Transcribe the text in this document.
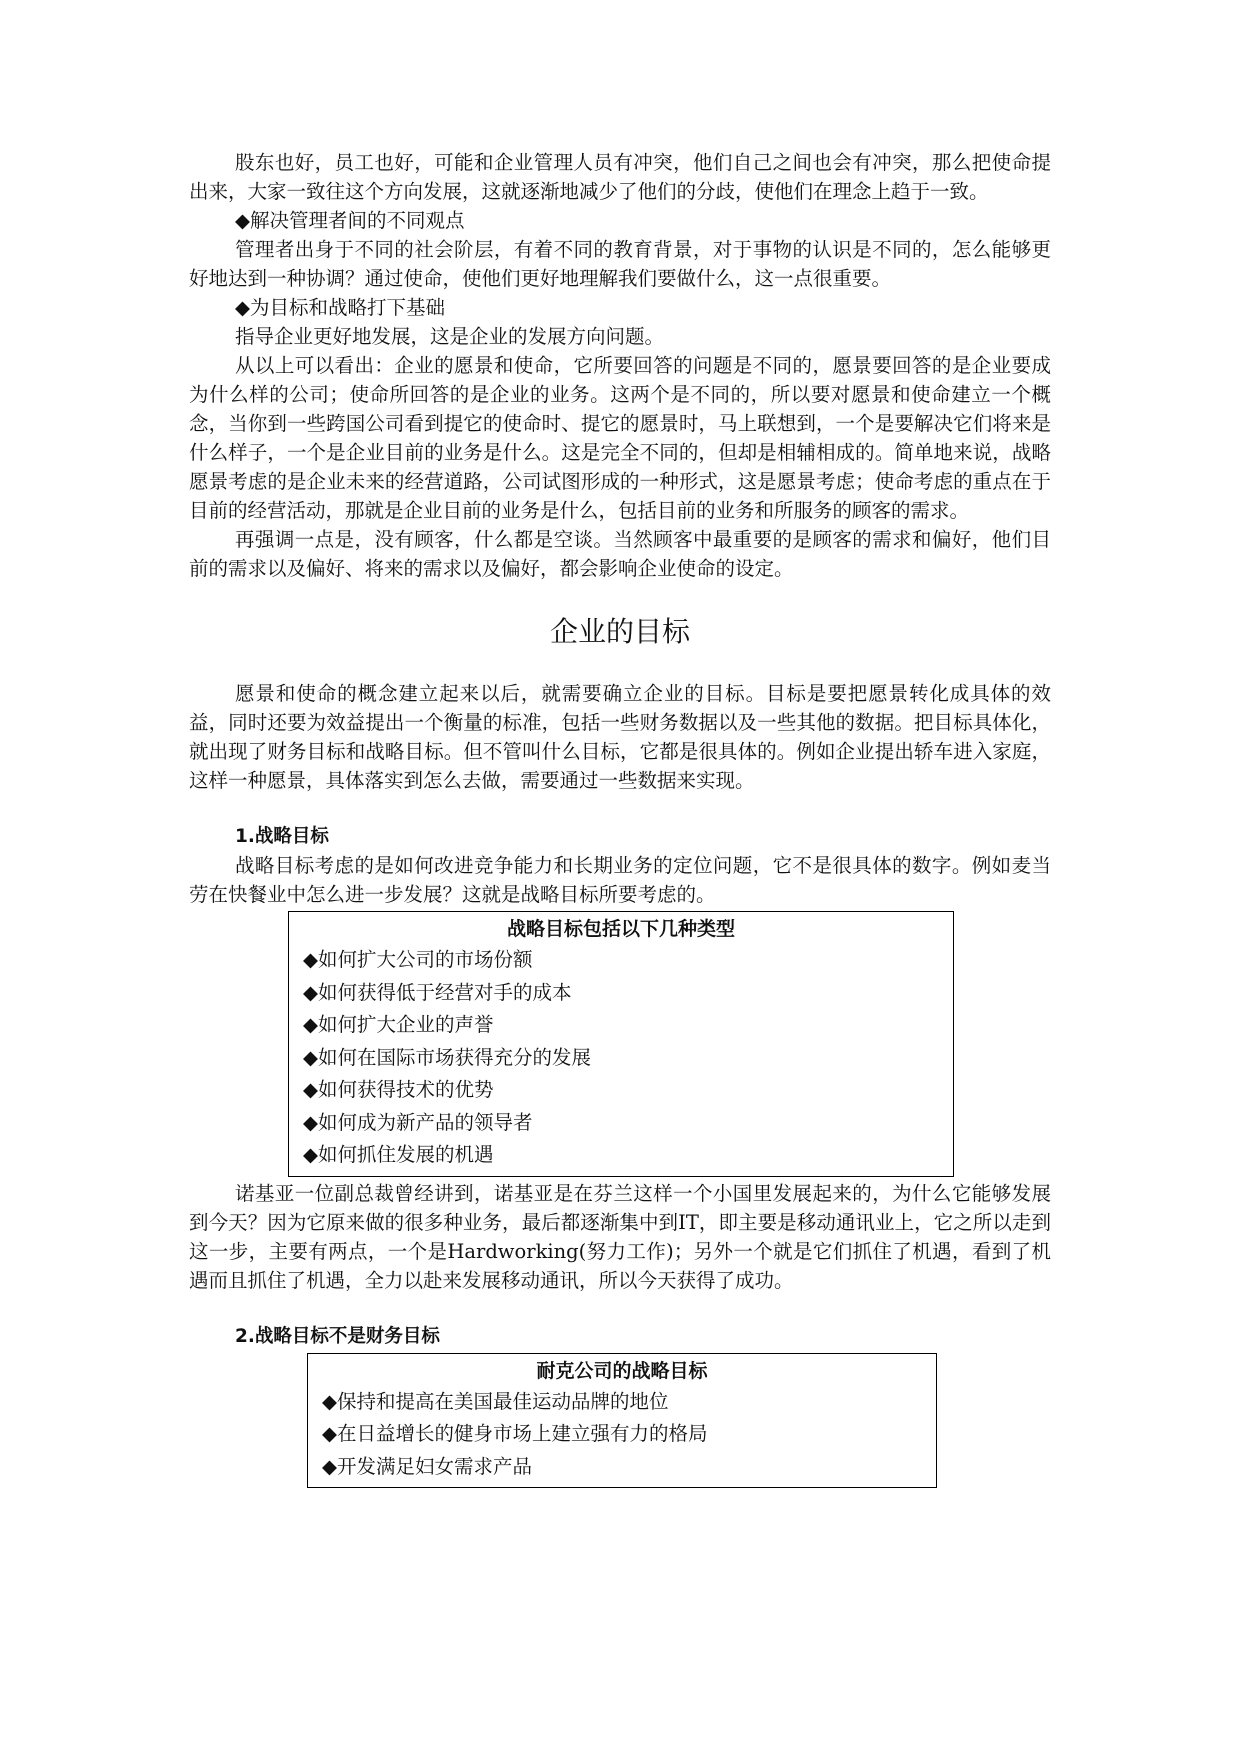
股东也好，员工也好，可能和企业管理人员有冲突，他们自己之间也会有冲突，那么把使命提出来，大家一致往这个方向发展，这就逐渐地减少了他们的分歧，使他们在理念上趋于一致。

◆解决管理者间的不同观点

管理者出身于不同的社会阶层，有着不同的教育背景，对于事物的认识是不同的，怎么能够更好地达到一种协调？通过使命，使他们更好地理解我们要做什么，这一点很重要。

◆为目标和战略打下基础

指导企业更好地发展，这是企业的发展方向问题。

从以上可以看出：企业的愿景和使命，它所要回答的问题是不同的，愿景要回答的是企业要成为什么样的公司；使命所回答的是企业的业务。这两个是不同的，所以要对愿景和使命建立一个概念，当你到一些跨国公司看到提它的使命时、提它的愿景时，马上联想到，一个是要解决它们将来是什么样子，一个是企业目前的业务是什么。这是完全不同的，但却是相辅相成的。简单地来说，战略愿景考虑的是企业未来的经营道路，公司试图形成的一种形式，这是愿景考虑；使命考虑的重点在于目前的经营活动，那就是企业目前的业务是什么，包括目前的业务和所服务的顾客的需求。

再强调一点是，没有顾客，什么都是空谈。当然顾客中最重要的是顾客的需求和偏好，他们目前的需求以及偏好、将来的需求以及偏好，都会影响企业使命的设定。

企业的目标

愿景和使命的概念建立起来以后，就需要确立企业的目标。目标是要把愿景转化成具体的效益，同时还要为效益提出一个衡量的标准，包括一些财务数据以及一些其他的数据。把目标具体化，就出现了财务目标和战略目标。但不管叫什么目标，它都是很具体的。例如企业提出轿车进入家庭，这样一种愿景，具体落实到怎么去做，需要通过一些数据来实现。

1.战略目标

战略目标考虑的是如何改进竞争能力和长期业务的定位问题，它不是很具体的数字。例如麦当劳在快餐业中怎么进一步发展？这就是战略目标所要考虑的。

战略目标包括以下几种类型

◆如何扩大公司的市场份额
◆如何获得低于经营对手的成本
◆如何扩大企业的声誉
◆如何在国际市场获得充分的发展
◆如何获得技术的优势
◆如何成为新产品的领导者
◆如何抓住发展的机遇

诺基亚一位副总裁曾经讲到，诺基亚是在芬兰这样一个小国里发展起来的，为什么它能够发展到今天？因为它原来做的很多种业务，最后都逐渐集中到IT，即主要是移动通讯业上，它之所以走到这一步，主要有两点，一个是Hardworking(努力工作)；另外一个就是它们抓住了机遇，看到了机遇而且抓住了机遇，全力以赴来发展移动通讯，所以今天获得了成功。

2.战略目标不是财务目标

耐克公司的战略目标

◆保持和提高在美国最佳运动品牌的地位
◆在日益增长的健身市场上建立强有力的格局
◆开发满足妇女需求产品
